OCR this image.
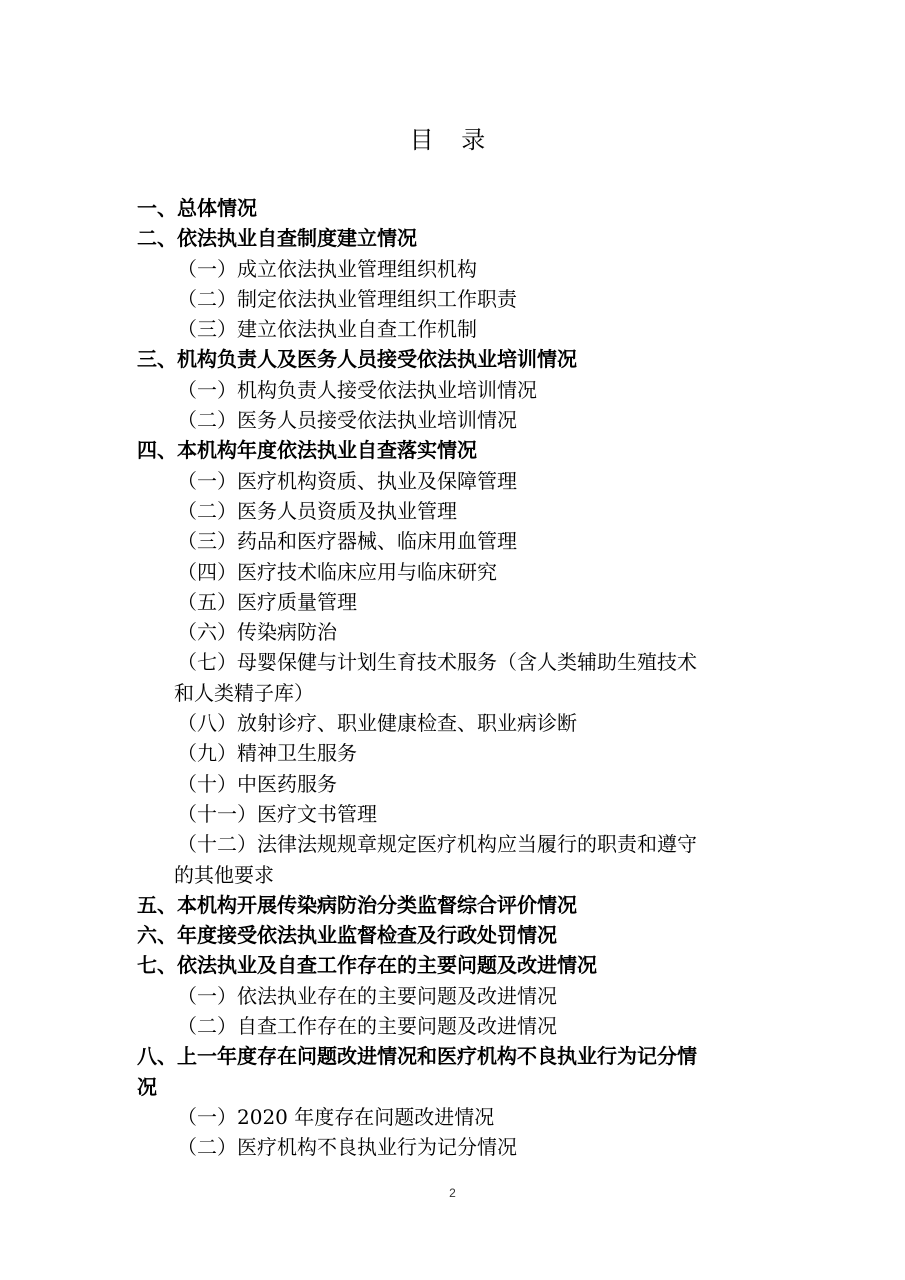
目 录
一、总体情况
二、依法执业自查制度建立情况
（一）成立依法执业管理组织机构
（二）制定依法执业管理组织工作职责
（三）建立依法执业自查工作机制
三、机构负责人及医务人员接受依法执业培训情况
（一）机构负责人接受依法执业培训情况
（二）医务人员接受依法执业培训情况
四、本机构年度依法执业自查落实情况
（一）医疗机构资质、执业及保障管理
（二）医务人员资质及执业管理
（三）药品和医疗器械、临床用血管理
（四）医疗技术临床应用与临床研究
（五）医疗质量管理
（六）传染病防治
（七）母婴保健与计划生育技术服务（含人类辅助生殖技术
和人类精子库）
（八）放射诊疗、职业健康检查、职业病诊断
（九）精神卫生服务
（十）中医药服务
（十一）医疗文书管理
（十二）法律法规规章规定医疗机构应当履行的职责和遵守
的其他要求
五、本机构开展传染病防治分类监督综合评价情况
六、年度接受依法执业监督检查及行政处罚情况
七、依法执业及自查工作存在的主要问题及改进情况
（一）依法执业存在的主要问题及改进情况
（二）自查工作存在的主要问题及改进情况
八、上一年度存在问题改进情况和医疗机构不良执业行为记分情
况
（一）2020 年度存在问题改进情况
（二）医疗机构不良执业行为记分情况
2
